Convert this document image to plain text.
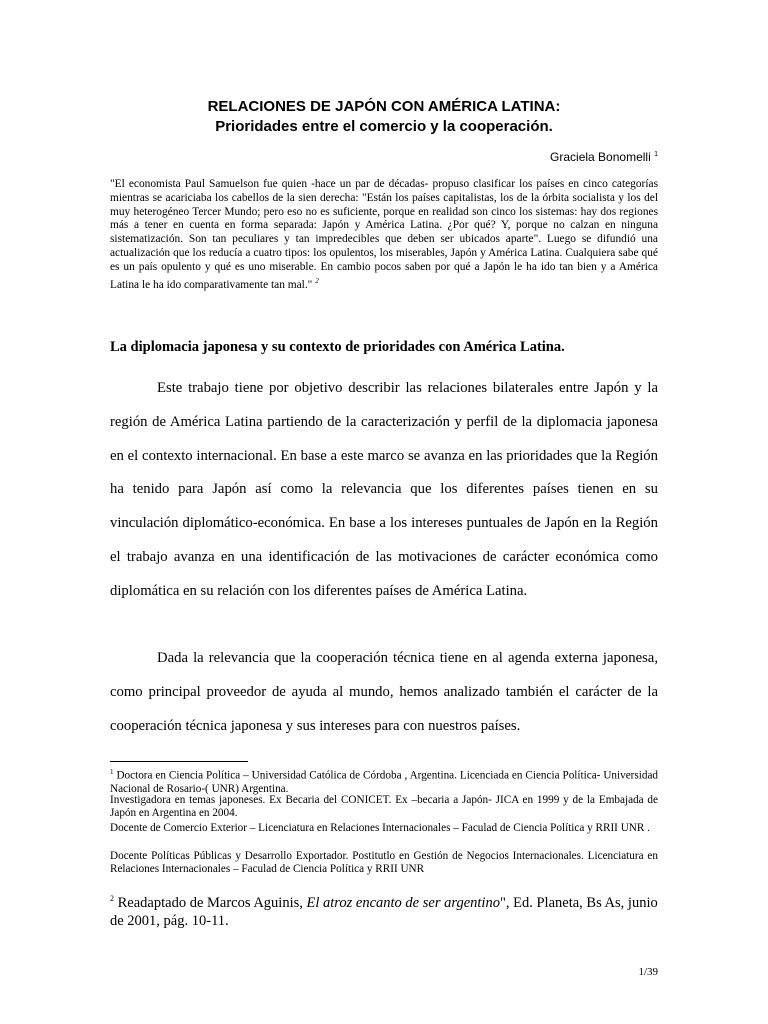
RELACIONES DE JAPÓN CON AMÉRICA LATINA:
Prioridades entre el comercio y la cooperación.
Graciela Bonomelli $^1$
"El economista Paul Samuelson fue quien -hace un par de décadas- propuso clasificar los países en cinco categorías mientras se acariciaba los cabellos de la sien derecha: "Están los países capitalistas, los de la órbita socialista y los del muy heterogéneo Tercer Mundo; pero eso no es suficiente, porque en realidad son cinco los sistemas: hay dos regiones más a tener en cuenta en forma separada: Japón y América Latina. ¿Por qué? Y, porque no calzan en ninguna sistematización. Son tan peculiares y tan impredecibles que deben ser ubicados aparte". Luego se difundió una actualización que los reducía a cuatro tipos: los opulentos, los miserables, Japón y América Latina. Cualquiera sabe qué es un país opulento y qué es uno miserable. En cambio pocos saben por qué a Japón le ha ido tan bien y a América Latina le ha ido comparativamente tan mal." $^2$
La diplomacia japonesa y su contexto de prioridades con América Latina.

Este trabajo tiene por objetivo describir las relaciones bilaterales entre Japón y la región de América Latina partiendo de la caracterización y perfil de la diplomacia japonesa en el contexto internacional. En base a este marco se avanza en las prioridades que la Región ha tenido para Japón así como la relevancia que los diferentes países tienen en su vinculación diplomático-económica. En base a los intereses puntuales de Japón en la Región el trabajo avanza en una identificación de las motivaciones de carácter económica como diplomática en su relación con los diferentes países de América Latina.

Dada la relevancia que la cooperación técnica tiene en al agenda externa japonesa, como principal proveedor de ayuda al mundo, hemos analizado también el carácter de la cooperación técnica japonesa y sus intereses para con nuestros países.

$^1$ Doctora en Ciencia Política – Universidad Católica de Córdoba , Argentina. Licenciada en Ciencia Política- Universidad Nacional de Rosario-( UNR) Argentina.
Investigadora en temas japoneses. Ex Becaria del CONICET. Ex –becaria a Japón- JICA en 1999 y de la Embajada de Japón en Argentina en 2004.
Docente de Comercio Exterior – Licenciatura en Relaciones Internacionales – Faculad de Ciencia Política y RRII UNR .
Docente Políticas Públicas y Desarrollo Exportador. Postitutlo en Gestión de Negocios Internacionales. Licenciatura en Relaciones Internacionales – Faculad de Ciencia Política y RRII UNR
$^2$ Readaptado de Marcos Aguinis, El atroz encanto de ser argentino", Ed. Planeta, Bs As, junio de 2001, pág. 10-11.
1/39
